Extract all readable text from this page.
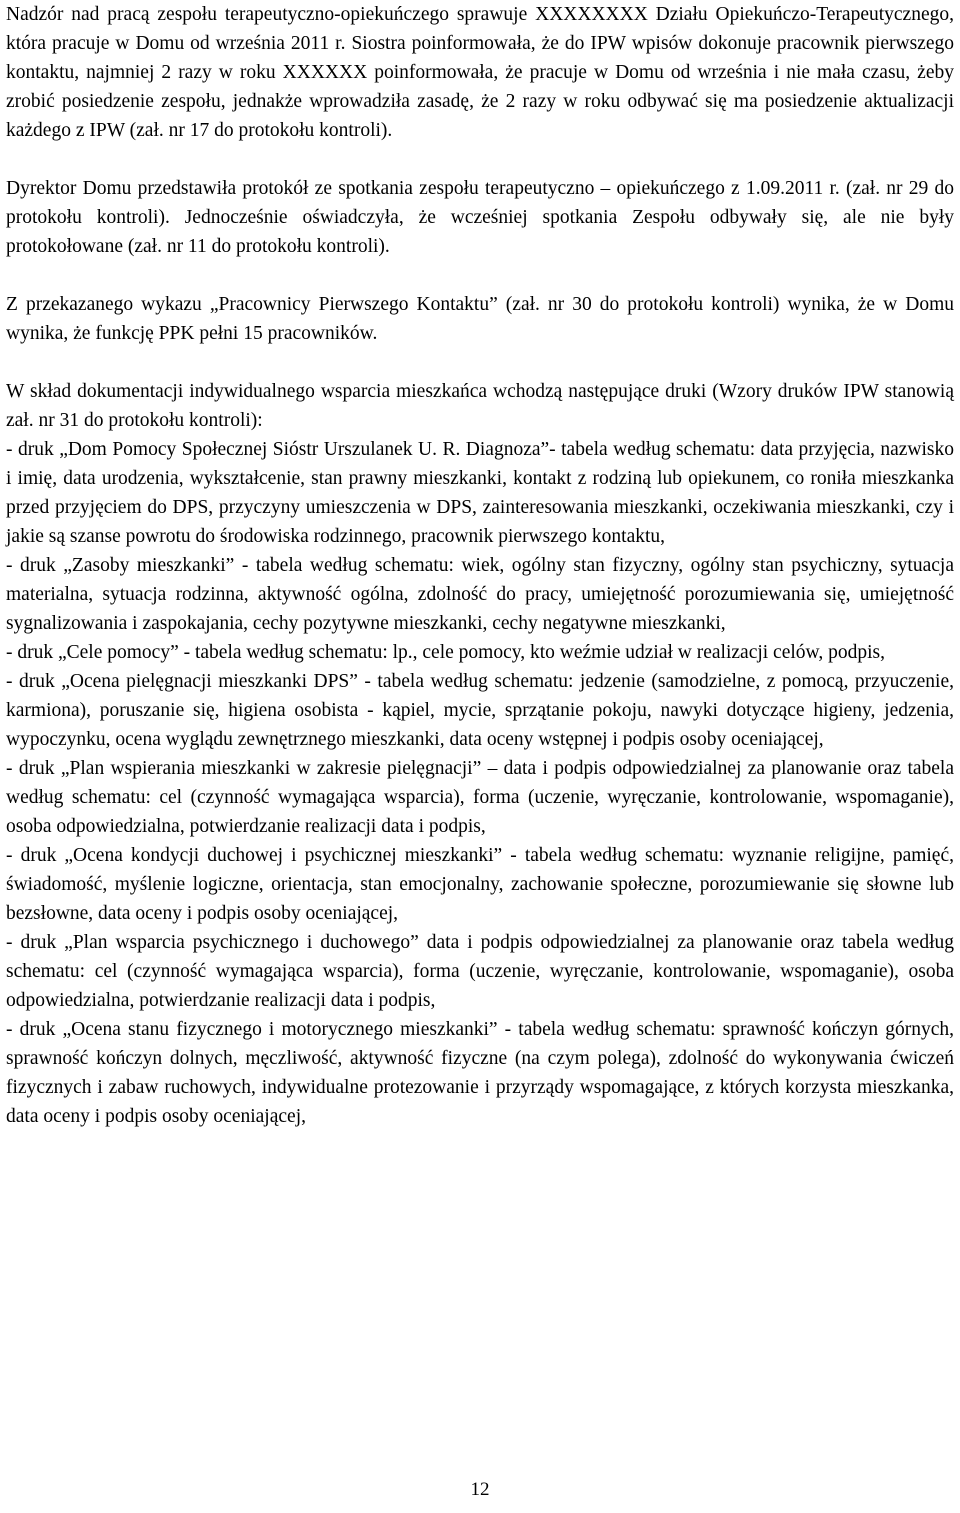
Nadzór nad pracą zespołu terapeutyczno-opiekuńczego sprawuje XXXXXXXX Działu Opiekuńczo-Terapeutycznego, która pracuje w Domu od września 2011 r. Siostra poinformowała, że do IPW wpisów dokonuje pracownik pierwszego kontaktu, najmniej 2 razy w roku XXXXXX poinformowała, że pracuje w Domu od września i nie mała czasu, żeby zrobić posiedzenie zespołu, jednakże wprowadziła zasadę, że 2 razy w roku odbywać się ma posiedzenie aktualizacji każdego z IPW (zał. nr 17 do protokołu kontroli).

Dyrektor Domu przedstawiła protokół ze spotkania zespołu terapeutyczno – opiekuńczego z 1.09.2011 r. (zał. nr 29 do protokołu kontroli). Jednocześnie oświadczyła, że wcześniej spotkania Zespołu odbywały się, ale nie były protokołowane (zał. nr 11 do protokołu kontroli).

Z przekazanego wykazu „Pracownicy Pierwszego Kontaktu” (zał. nr 30 do protokołu kontroli) wynika, że w Domu wynika, że funkcję PPK pełni 15 pracowników.

W skład dokumentacji indywidualnego wsparcia mieszkańca wchodzą następujące druki (Wzory druków IPW stanowią zał. nr 31 do protokołu kontroli):

- druk „Dom Pomocy Społecznej Sióstr Urszulanek U. R. Diagnoza”- tabela według schematu: data przyjęcia, nazwisko i imię, data urodzenia, wykształcenie, stan prawny mieszkanki, kontakt z rodziną lub opiekunem, co roniła mieszkanka przed przyjęciem do DPS, przyczyny umieszczenia w DPS, zainteresowania mieszkanki, oczekiwania mieszkanki, czy i jakie są szanse powrotu do środowiska rodzinnego, pracownik pierwszego kontaktu,

- druk „Zasoby mieszkanki” - tabela według schematu: wiek, ogólny stan fizyczny, ogólny stan psychiczny, sytuacja materialna, sytuacja rodzinna, aktywność ogólna, zdolność do pracy, umiejętność porozumiewania się, umiejętność sygnalizowania i zaspokajania, cechy pozytywne mieszkanki, cechy negatywne mieszkanki,

- druk „Cele pomocy” - tabela według schematu: lp., cele pomocy, kto weźmie udział w realizacji celów, podpis,

- druk „Ocena pielęgnacji mieszkanki DPS” - tabela według schematu: jedzenie (samodzielne, z pomocą, przyuczenie, karmiona), poruszanie się, higiena osobista - kąpiel, mycie, sprzątanie pokoju, nawyki dotyczące higieny, jedzenia, wypoczynku, ocena wyglądu zewnętrznego mieszkanki, data oceny wstępnej i podpis osoby oceniającej,

- druk „Plan wspierania mieszkanki w zakresie pielęgnacji” – data i podpis odpowiedzialnej za planowanie oraz tabela według schematu: cel (czynność wymagająca wsparcia), forma (uczenie, wyręczanie, kontrolowanie, wspomaganie), osoba odpowiedzialna, potwierdzanie realizacji data i podpis,

- druk „Ocena kondycji duchowej i psychicznej mieszkanki” - tabela według schematu: wyznanie religijne, pamięć, świadomość, myślenie logiczne, orientacja, stan emocjonalny, zachowanie społeczne, porozumiewanie się słowne lub bezsłowne, data oceny i podpis osoby oceniającej,

- druk „Plan wsparcia psychicznego i duchowego” data i podpis odpowiedzialnej za planowanie oraz tabela według schematu: cel (czynność wymagająca wsparcia), forma (uczenie, wyręczanie, kontrolowanie, wspomaganie), osoba odpowiedzialna, potwierdzanie realizacji data i podpis,

- druk „Ocena stanu fizycznego i motorycznego mieszkanki” - tabela według schematu: sprawność kończyn górnych, sprawność kończyn dolnych, męczliwość, aktywność fizyczne (na czym polega), zdolność do wykonywania ćwiczeń fizycznych i zabaw ruchowych, indywidualne protezowanie i przyrządy wspomagające, z których korzysta mieszkanka, data oceny i podpis osoby oceniającej,

12
